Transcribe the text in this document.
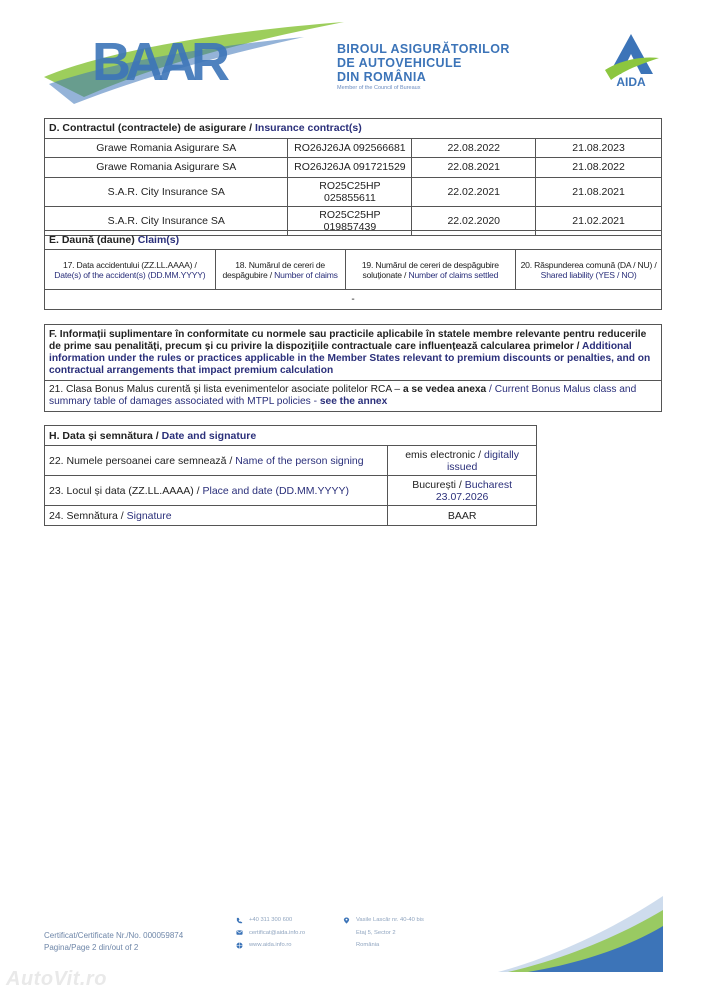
BAAR	BIROUL ASIGURĂTORILOR
DE AUTOVEHICULE
DIN ROMÂNIA
Member of the Council of Bureaux	AIDA
D. Contractul (contractele) de asigurare / Insurance contract(s)			
Grawe Romania Asigurare SA	RO26J26JA 092566681	22.08.2022	21.08.2023
Grawe Romania Asigurare SA	RO26J26JA 091721529	22.08.2021	21.08.2022
S.A.R. City Insurance SA	RO25C25HP 025855611	22.02.2021	21.08.2021
S.A.R. City Insurance SA	RO25C25HP 019857439	22.02.2020	21.02.2021
E. Daună (daune) Claim(s)
17. Data accidentului (ZZ.LL.AAAA) /
Date(s) of the accident(s) (DD.MM.YYYY)	18. Numărul de cereri de despăgubire / Number of claims	19. Numărul de cereri de despăgubire soluționate / Number of claims settled	20. Răspunderea comună (DA / NU) / Shared liability (YES / NO)
-
F. Informații suplimentare în conformitate cu normele sau practicile aplicabile în statele membre relevante pentru reducerile de prime sau penalități, precum și cu privire la dispozițiile contractuale care influențează calcularea primelor / Additional information under the rules or practices applicable in the Member States relevant to premium discounts or penalties, and on contractual arrangements that impact premium calculation
21. Clasa Bonus Malus curentă și lista evenimentelor asociate politelor RCA – a se vedea anexa / Current Bonus Malus class and summary table of damages associated with MTPL policies - see the annex
H. Data și semnătura / Date and signature	
22. Numele persoanei care semnează / Name of the person signing	emis electronic / digitally issued
23. Locul și data (ZZ.LL.AAAA) / Place and date (DD.MM.YYYY)	București / Bucharest
23.07.2026
24. Semnătura / Signature	BAAR
Certificat/Certificate Nr./No. 000059874
Pagina/Page 2 din/out of 2
+40 311 300 600
certificat@aida.info.ro
www.aida.info.ro
Vasile Lascăr nr. 40-40 bis
Etaj 5, Sector 2
România
AutoVit.ro
